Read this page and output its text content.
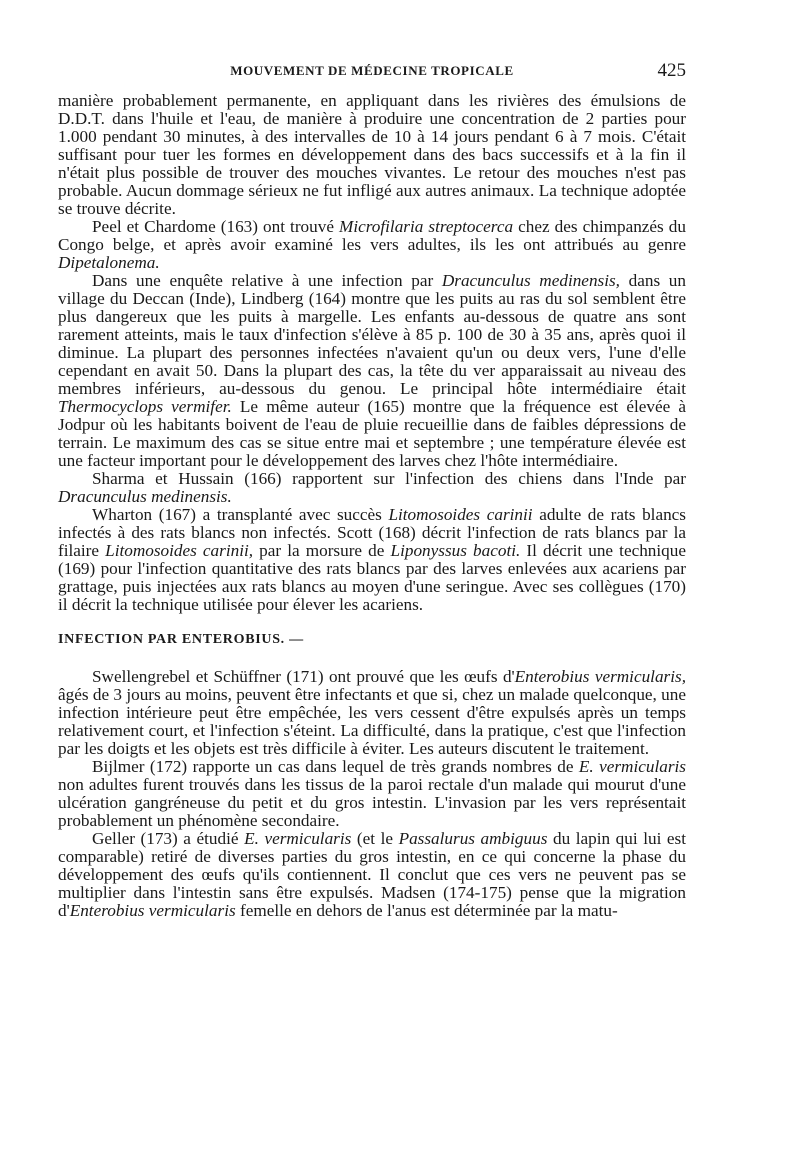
MOUVEMENT DE MÉDECINE TROPICALE	425

manière probablement permanente, en appliquant dans les rivières des émulsions de D.D.T. dans l'huile et l'eau, de manière à produire une concentration de 2 parties pour 1.000 pendant 30 minutes, à des intervalles de 10 à 14 jours pendant 6 à 7 mois. C'était suffisant pour tuer les formes en développement dans des bacs successifs et à la fin il n'était plus possible de trouver des mouches vivantes. Le retour des mouches n'est pas probable. Aucun dommage sérieux ne fut infligé aux autres animaux. La technique adoptée se trouve décrite.

Peel et Chardome (163) ont trouvé Microfilaria streptocerca chez des chimpanzés du Congo belge, et après avoir examiné les vers adultes, ils les ont attribués au genre Dipetalonema.

Dans une enquête relative à une infection par Dracunculus medinensis, dans un village du Deccan (Inde), Lindberg (164) montre que les puits au ras du sol semblent être plus dangereux que les puits à margelle. Les enfants au-dessous de quatre ans sont rarement atteints, mais le taux d'infection s'élève à 85 p. 100 de 30 à 35 ans, après quoi il diminue. La plupart des personnes infectées n'avaient qu'un ou deux vers, l'une d'elle cependant en avait 50. Dans la plupart des cas, la tête du ver apparaissait au niveau des membres inférieurs, au-dessous du genou. Le principal hôte intermédiaire était Thermocyclops vermifer. Le même auteur (165) montre que la fréquence est élevée à Jodpur où les habitants boivent de l'eau de pluie recueillie dans de faibles dépressions de terrain. Le maximum des cas se situe entre mai et septembre ; une température élevée est une facteur important pour le développement des larves chez l'hôte intermédiaire.

Sharma et Hussain (166) rapportent sur l'infection des chiens dans l'Inde par Dracunculus medinensis.

Wharton (167) a transplanté avec succès Litomosoides carinii adulte de rats blancs infectés à des rats blancs non infectés. Scott (168) décrit l'infection de rats blancs par la filaire Litomosoides carinii, par la morsure de Liponyssus bacoti. Il décrit une technique (169) pour l'infection quantitative des rats blancs par des larves enlevées aux acariens par grattage, puis injectées aux rats blancs au moyen d'une seringue. Avec ses collègues (170) il décrit la technique utilisée pour élever les acariens.

INFECTION PAR ENTEROBIUS. —

Swellengrebel et Schüffner (171) ont prouvé que les œufs d'Enterobius vermicularis, âgés de 3 jours au moins, peuvent être infectants et que si, chez un malade quelconque, une infection intérieure peut être empêchée, les vers cessent d'être expulsés après un temps relativement court, et l'infection s'éteint. La difficulté, dans la pratique, c'est que l'infection par les doigts et les objets est très difficile à éviter. Les auteurs discutent le traitement.

Bijlmer (172) rapporte un cas dans lequel de très grands nombres de E. vermicularis non adultes furent trouvés dans les tissus de la paroi rectale d'un malade qui mourut d'une ulcération gangréneuse du petit et du gros intestin. L'invasion par les vers représentait probablement un phénomène secondaire.

Geller (173) a étudié E. vermicularis (et le Passalurus ambiguus du lapin qui lui est comparable) retiré de diverses parties du gros intestin, en ce qui concerne la phase du développement des œufs qu'ils contiennent. Il conclut que ces vers ne peuvent pas se multiplier dans l'intestin sans être expulsés. Madsen (174-175) pense que la migration d'Enterobius vermicularis femelle en dehors de l'anus est déterminée par la matu-
